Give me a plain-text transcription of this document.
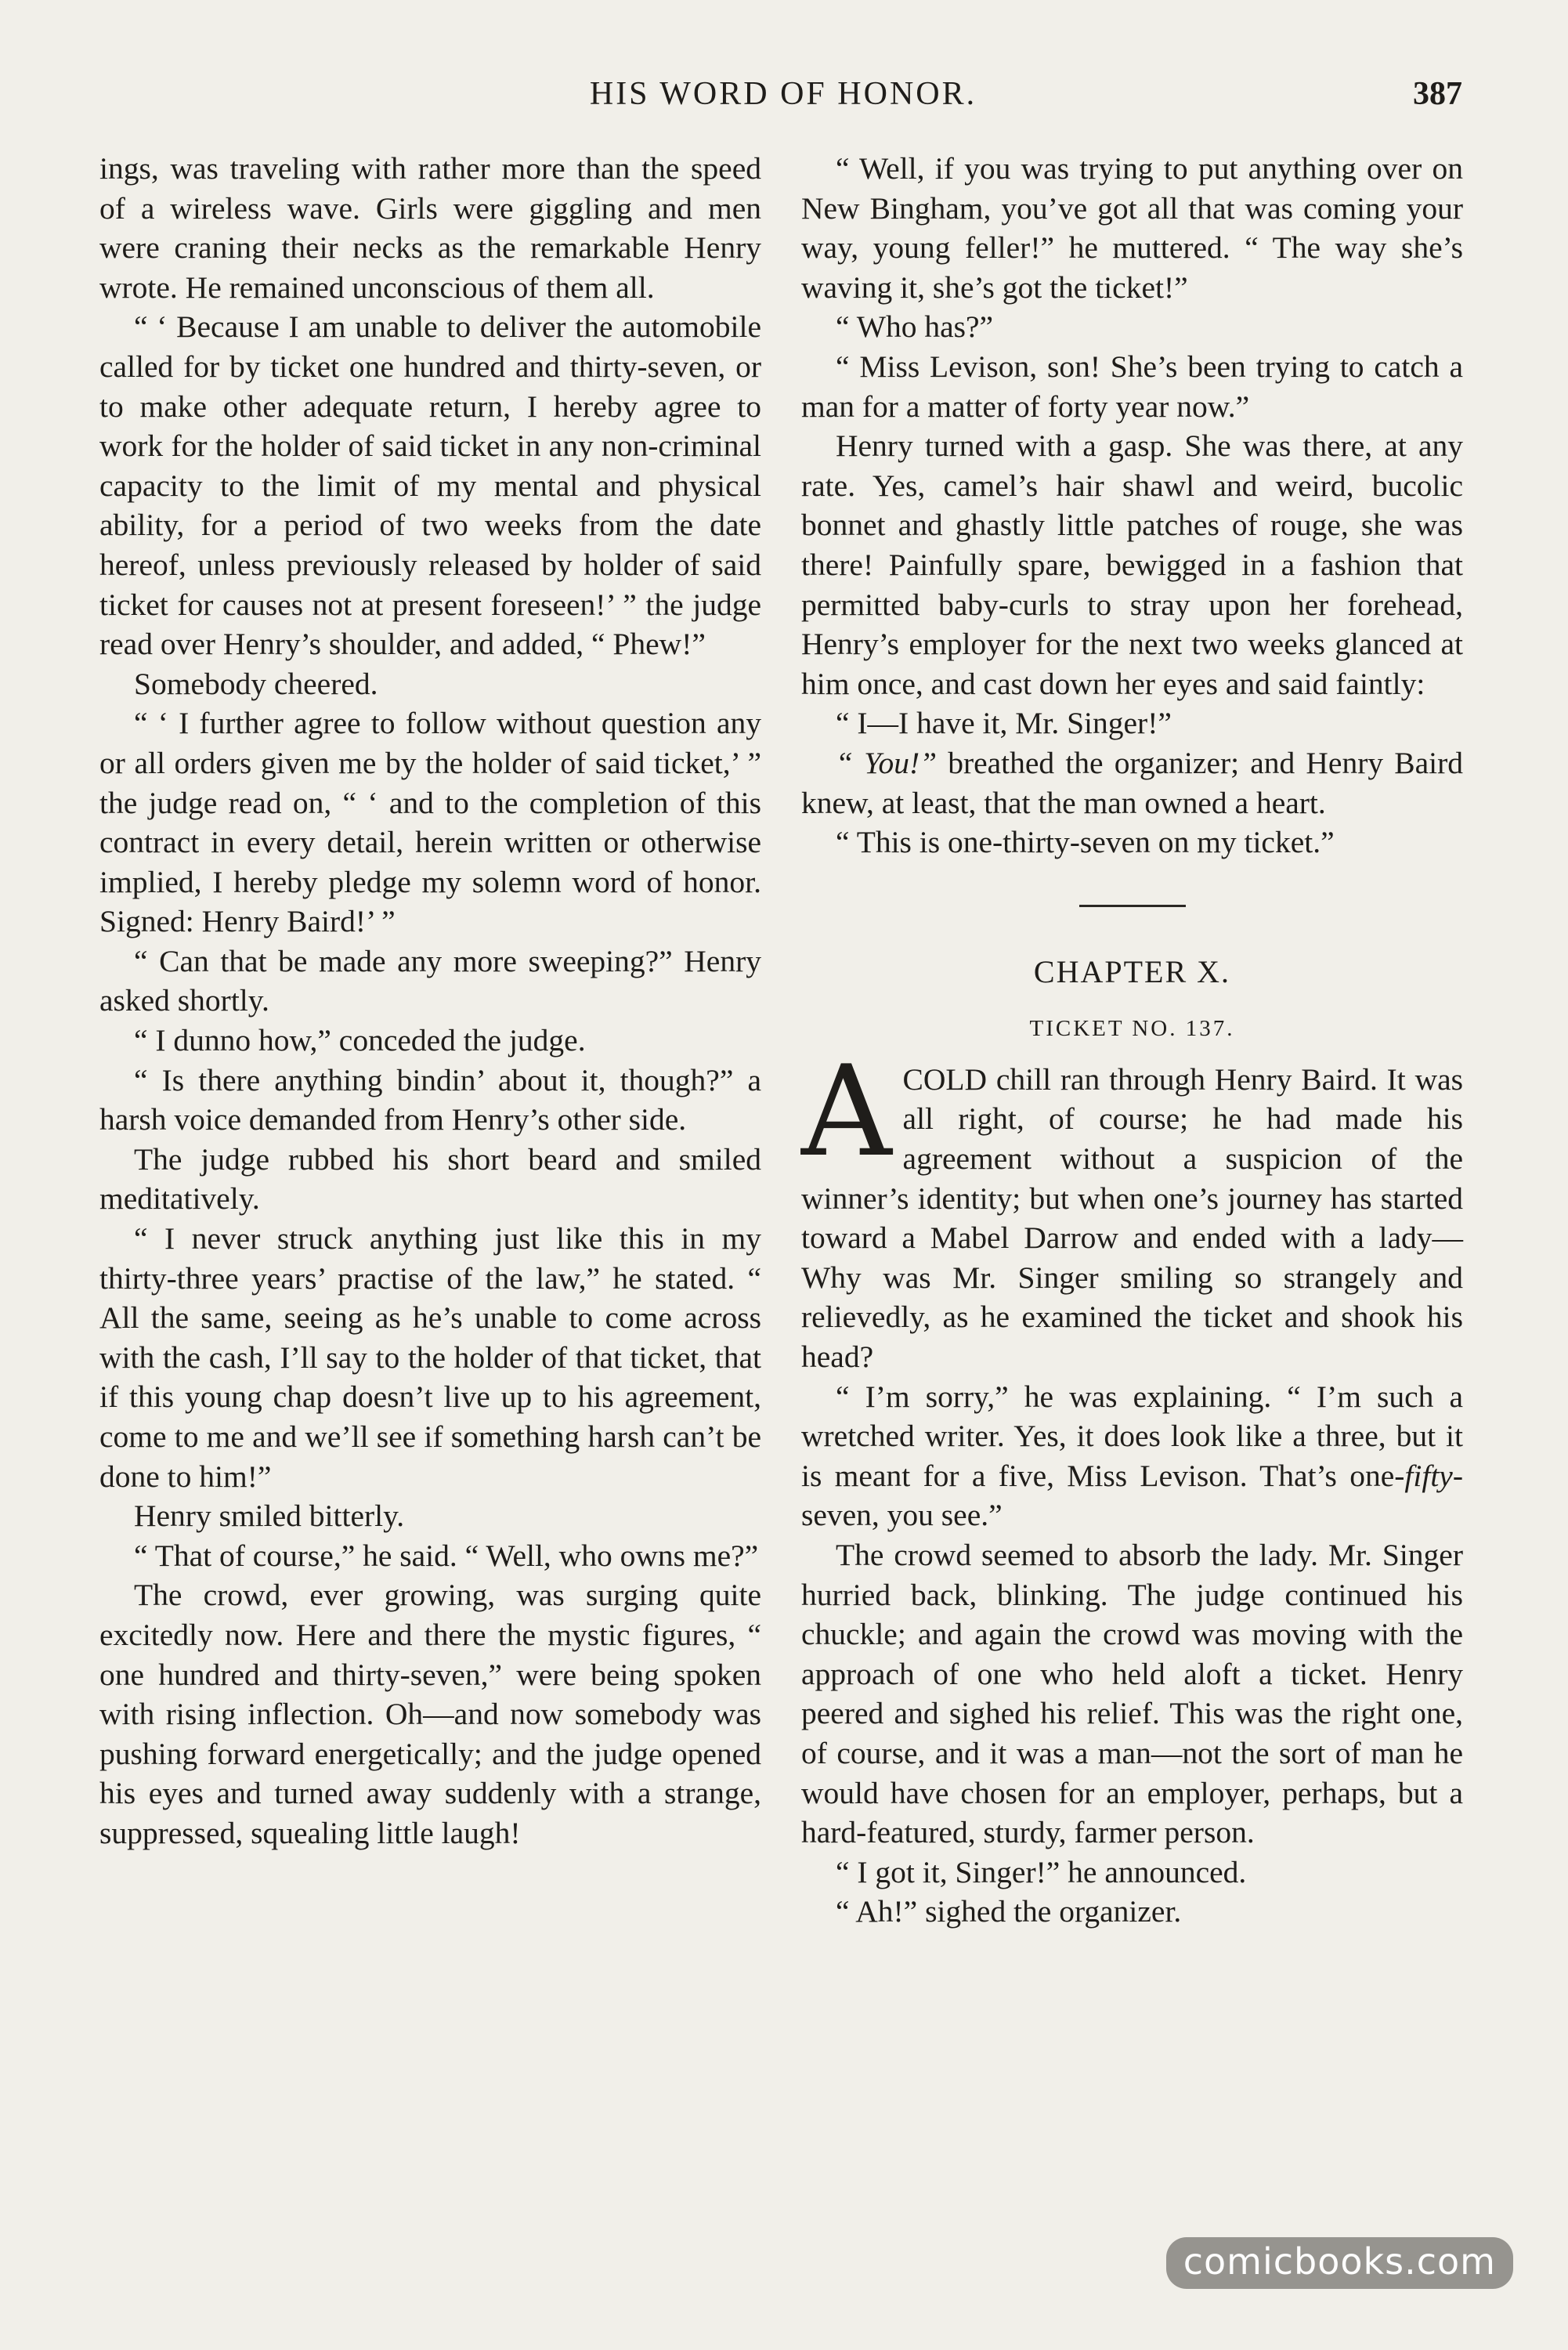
HIS WORD OF HONOR.	387

ings, was traveling with rather more than the speed of a wireless wave. Girls were giggling and men were craning their necks as the remarkable Henry wrote. He remained unconscious of them all.

“ ‘ Because I am unable to deliver the automobile called for by ticket one hundred and thirty-seven, or to make other adequate return, I hereby agree to work for the holder of said ticket in any non-criminal capacity to the limit of my mental and physical ability, for a period of two weeks from the date hereof, unless previously released by holder of said ticket for causes not at present foreseen!’ ” the judge read over Henry’s shoulder, and added, “ Phew!”

Somebody cheered.

“ ‘ I further agree to follow without question any or all orders given me by the holder of said ticket,’ ” the judge read on, “ ‘ and to the completion of this contract in every detail, herein written or otherwise implied, I hereby pledge my solemn word of honor. Signed: Henry Baird!’ ”

“ Can that be made any more sweeping?” Henry asked shortly.

“ I dunno how,” conceded the judge.

“ Is there anything bindin’ about it, though?” a harsh voice demanded from Henry’s other side.

The judge rubbed his short beard and smiled meditatively.

“ I never struck anything just like this in my thirty-three years’ practise of the law,” he stated. “ All the same, seeing as he’s unable to come across with the cash, I’ll say to the holder of that ticket, that if this young chap doesn’t live up to his agreement, come to me and we’ll see if something harsh can’t be done to him!”

Henry smiled bitterly.

“ That of course,” he said. “ Well, who owns me?”

The crowd, ever growing, was surging quite excitedly now. Here and there the mystic figures, “ one hundred and thirty-seven,” were being spoken with rising inflection. Oh—and now somebody was pushing forward energetically; and the judge opened his eyes and turned away suddenly with a strange, suppressed, squealing little laugh!

“ Well, if you was trying to put anything over on New Bingham, you’ve got all that was coming your way, young feller!” he muttered. “ The way she’s waving it, she’s got the ticket!”

“ Who has?”

“ Miss Levison, son! She’s been trying to catch a man for a matter of forty year now.”

Henry turned with a gasp. She was there, at any rate. Yes, camel’s hair shawl and weird, bucolic bonnet and ghastly little patches of rouge, she was there! Painfully spare, bewigged in a fashion that permitted baby-curls to stray upon her forehead, Henry’s employer for the next two weeks glanced at him once, and cast down her eyes and said faintly:

“ I—I have it, Mr. Singer!”

“ You!” breathed the organizer; and Henry Baird knew, at least, that the man owned a heart.

“ This is one-thirty-seven on my ticket.”

CHAPTER X.
TICKET NO. 137.

A COLD chill ran through Henry Baird. It was all right, of course; he had made his agreement without a suspicion of the winner’s identity; but when one’s journey has started toward a Mabel Darrow and ended with a lady— Why was Mr. Singer smiling so strangely and relievedly, as he examined the ticket and shook his head?

“ I’m sorry,” he was explaining. “ I’m such a wretched writer. Yes, it does look like a three, but it is meant for a five, Miss Levison. That’s one-fifty-seven, you see.”

The crowd seemed to absorb the lady. Mr. Singer hurried back, blinking. The judge continued his chuckle; and again the crowd was moving with the approach of one who held aloft a ticket. Henry peered and sighed his relief. This was the right one, of course, and it was a man—not the sort of man he would have chosen for an employer, perhaps, but a hard-featured, sturdy, farmer person.

“ I got it, Singer!” he announced.

“ Ah!” sighed the organizer.

comicbooks.com
